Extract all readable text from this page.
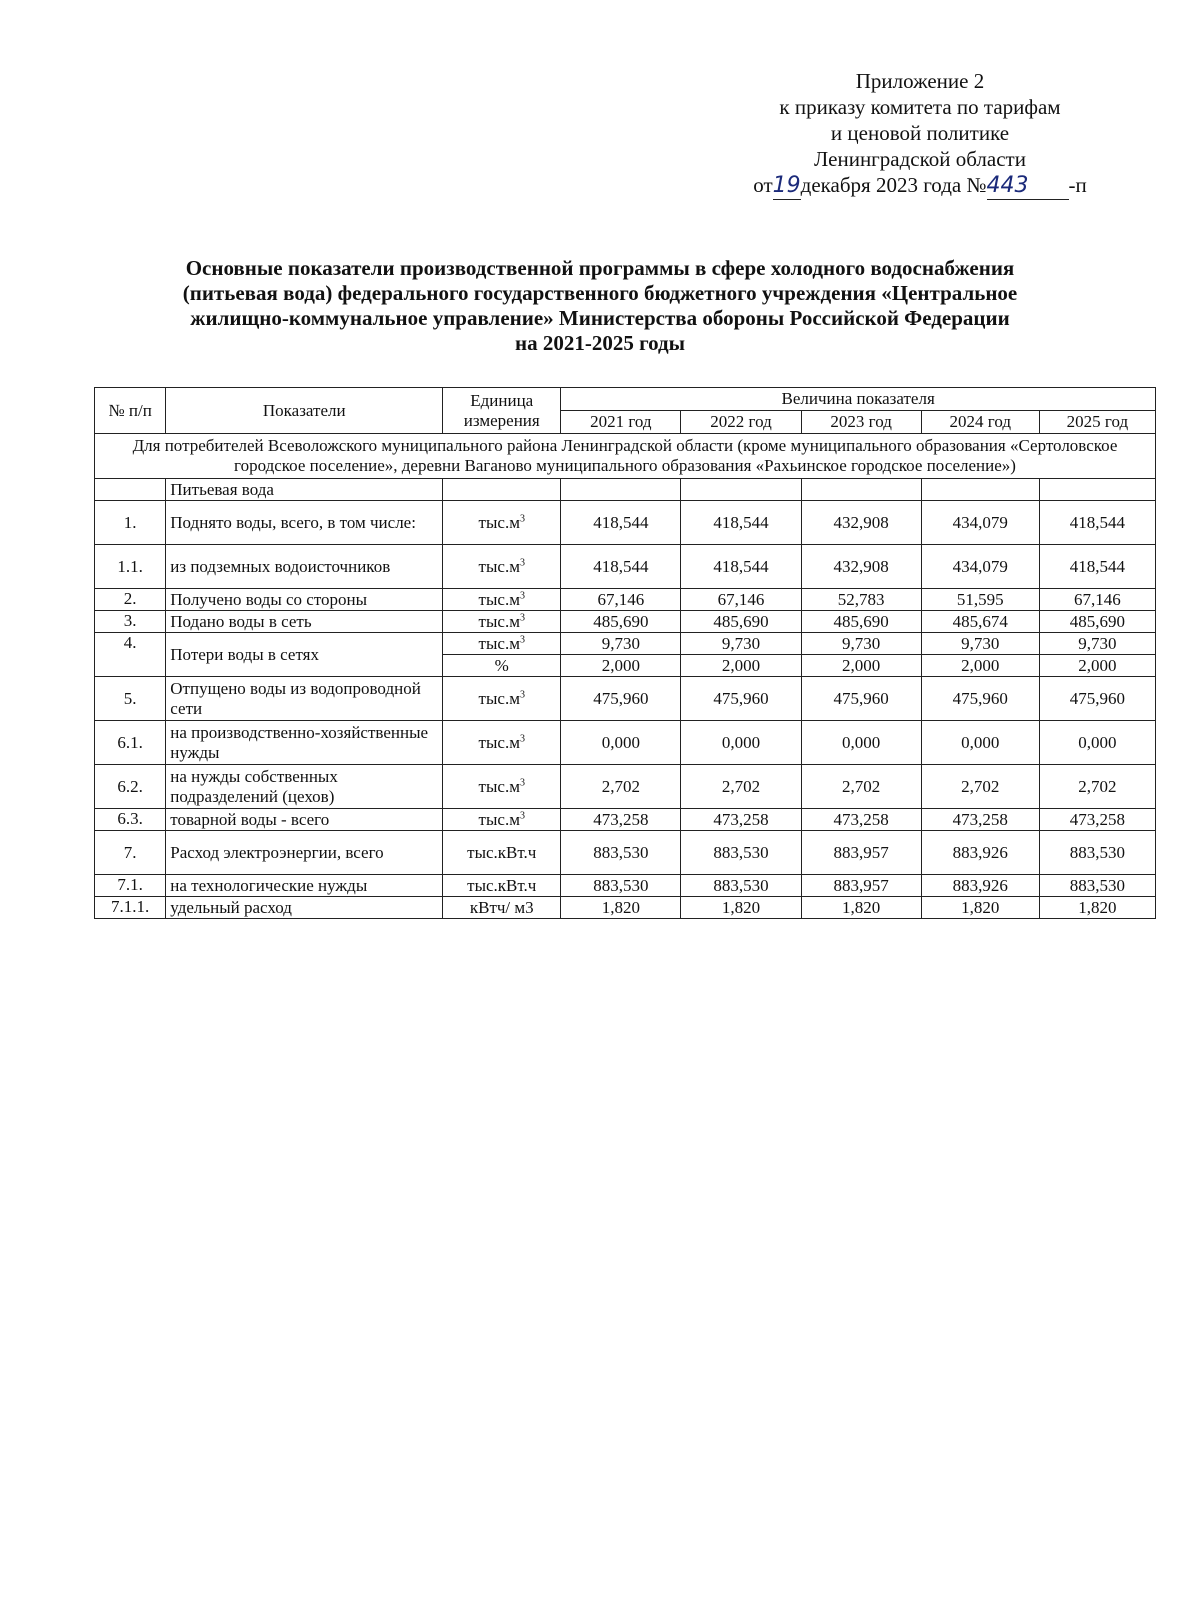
Приложение 2
к приказу комитета по тарифам
и ценовой политике
Ленинградской области
от19декабря 2023 года №443 -п
Основные показатели производственной программы в сфере холодного водоснабжения
(питьевая вода) федерального государственного бюджетного учреждения «Центральное
жилищно-коммунальное управление» Министерства обороны Российской Федерации
на 2021-2025 годы
№ п/п	Показатели	Единица измерения	Величина показателя				
			2021 год	2022 год	2023 год	2024 год	2025 год
Для потребителей Всеволожского муниципального района Ленинградской области (кроме муниципального образования «Сертоловское городское поселение», деревни Ваганово муниципального образования «Рахьинское городское поселение»)							
	Питьевая вода						
1.	Поднято воды, всего, в том числе:	$тыс.м^3$	418,544	418,544	432,908	434,079	418,544
1.1.	из подземных водоисточников	$тыс.м^3$	418,544	418,544	432,908	434,079	418,544
2.	Получено воды со стороны	$тыс.м^3$	67,146	67,146	52,783	51,595	67,146
3.	Подано воды в сеть	$тыс.м^3$	485,690	485,690	485,690	485,674	485,690
4.	Потери воды в сетях	$тыс.м^3$	9,730	9,730	9,730	9,730	9,730
		%	2,000	2,000	2,000	2,000	2,000
5.	Отпущено воды из водопроводной сети	$тыс.м^3$	475,960	475,960	475,960	475,960	475,960
6.1.	на производственно-хозяйственные нужды	$тыс.м^3$	0,000	0,000	0,000	0,000	0,000
6.2.	на нужды собственных подразделений (цехов)	$тыс.м^3$	2,702	2,702	2,702	2,702	2,702
6.3.	товарной воды - всего	$тыс.м^3$	473,258	473,258	473,258	473,258	473,258
7.	Расход электроэнергии, всего	тыс.кВт.ч	883,530	883,530	883,957	883,926	883,530
7.1.	на технологические нужды	тыс.кВт.ч	883,530	883,530	883,957	883,926	883,530
7.1.1.	удельный расход	кВтч/ м3	1,820	1,820	1,820	1,820	1,820
